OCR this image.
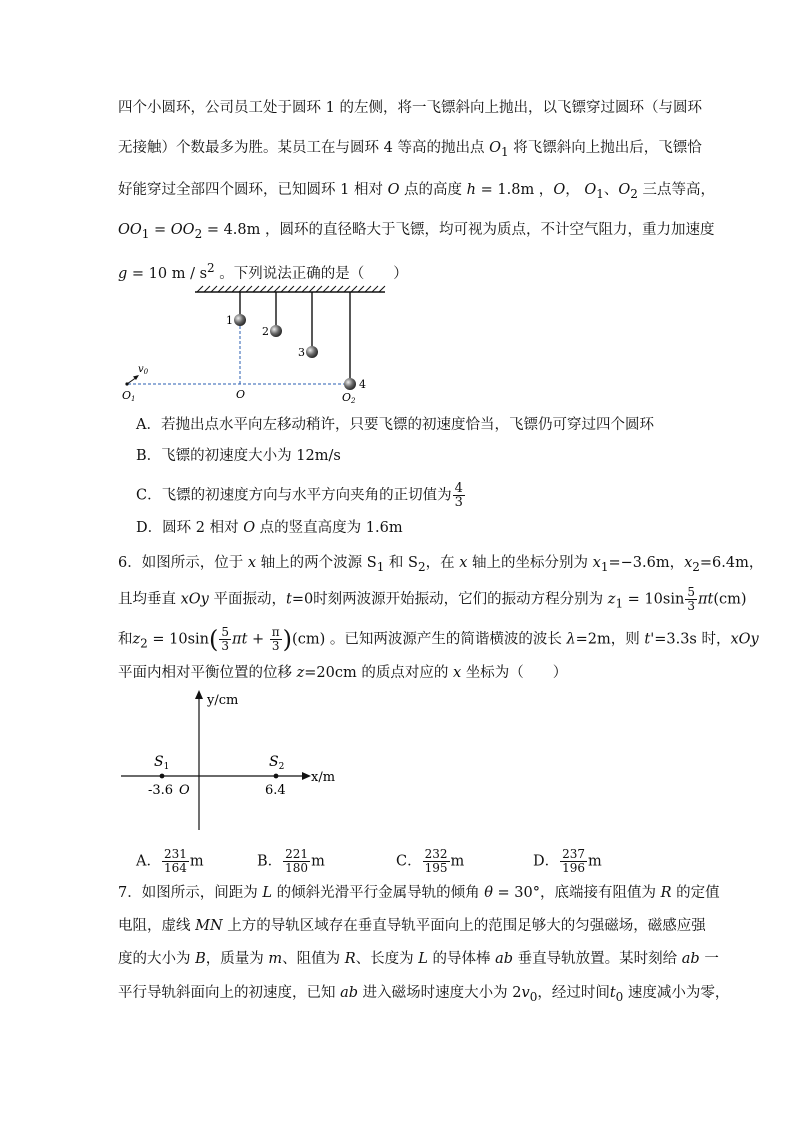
四个小圆环，公司员工处于圆环 1 的左侧，将一飞镖斜向上抛出，以飞镖穿过圆环（与圆环
无接触）个数最多为胜。某员工在与圆环 4 等高的抛出点 $O_1$ 将飞镖斜向上抛出后，飞镖恰
好能穿过全部四个圆环，已知圆环 1 相对 O 点的高度 h = 1.8m ，O， $O_1$、$O_2$ 三点等高，
$OO_1 = OO_2 = 4.8m$ ，圆环的直径略大于飞镖，均可视为质点，不计空气阻力，重力加速度
g = 10 m / $s^2$ 。下列说法正确的是（　　）
1
2
3
4
$v_0$
O1	O	O2
A．若抛出点水平向左移动稍许，只要飞镖的初速度恰当，飞镖仍可穿过四个圆环
B．飞镖的初速度大小为 12m/s
C．飞镖的初速度方向与水平方向夹角的正切值为 $\frac{4}{3}$
D．圆环 2 相对 O 点的竖直高度为 1.6m
6．如图所示，位于 x 轴上的两个波源 $S_1$ 和 $S_2$，在 x 轴上的坐标分别为 $x_1=-3.6m$，$x_2=6.4m$，
且均垂直 xOy 平面振动，t=0时刻两波源开始振动，它们的振动方程分别为 $z_1 = 10\sin \frac{5}{3} \pi t(cm)$
和$z_2 = 10\sin( \frac{5}{3}$ $\pi t + \frac{\pi}{3} )(cm)$ 。已知两波源产生的简谐横波的波长 λ=2m，则 t'=3.3s 时，xOy
平面内相对平衡位置的位移 z=20cm 的质点对应的 x 坐标为（　　）
y/cm
x/m
$S_1$	$S_2$
-3.6 O	6.4
A． $\frac{231}{164}$ m	B． $\frac{221}{180}$ m	C． $\frac{232}{195}$ m	D． $\frac{237}{196}$ m
7．如图所示，间距为 L 的倾斜光滑平行金属导轨的倾角 θ = 30°，底端接有阻值为 R 的定值
电阻，虚线 MN 上方的导轨区域存在垂直导轨平面向上的范围足够大的匀强磁场，磁感应强
度的大小为 B，质量为 m、阻值为 R、长度为 L 的导体棒 ab 垂直导轨放置。某时刻给 ab 一
平行导轨斜面向上的初速度，已知 ab 进入磁场时速度大小为 $2v_0$，经过时间$t_0$ 速度减小为零，
